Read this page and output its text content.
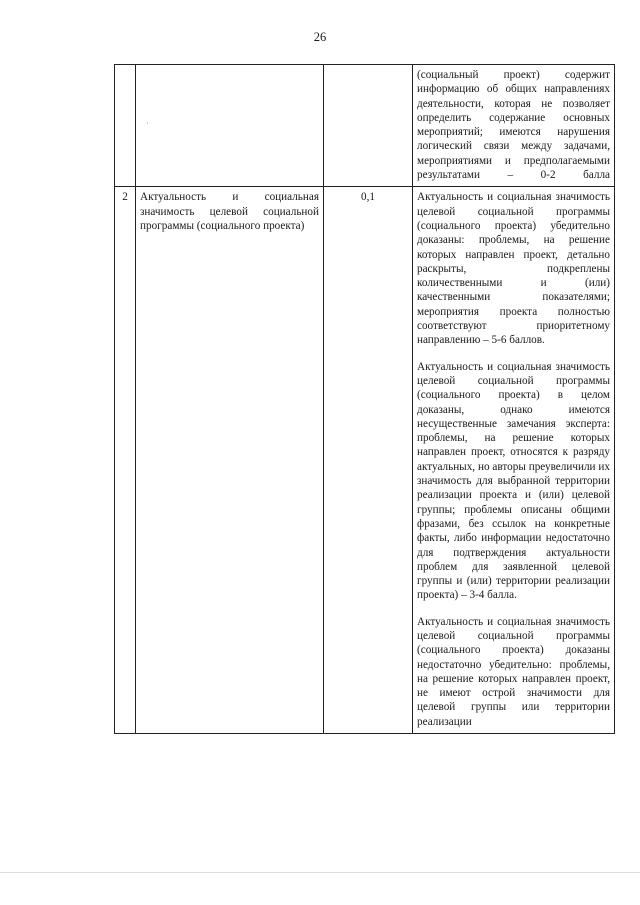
26
	$_\cdot$		(социальный проект) содержит информацию об общих направлениях деятельности, которая не позволяет определить содержание основных мероприятий; имеются нарушения логический связи между задачами, мероприятиями и предполагаемыми результатами – 0-2 балла

2	Актуальность и социальная значимость целевой социальной программы (социального проекта)	0,1	Актуальность и социальная значимость целевой социальной программы (социального проекта) убедительно доказаны: проблемы, на решение которых направлен проект, детально раскрыты, подкреплены количественными и (или) качественными показателями; мероприятия проекта полностью соответствуют приоритетному направлению – 5-6 баллов.

Актуальность и социальная значимость целевой социальной программы (социального проекта) в целом доказаны, однако имеются несущественные замечания эксперта: проблемы, на решение которых направлен проект, относятся к разряду актуальных, но авторы преувеличили их значимость для выбранной территории реализации проекта и (или) целевой группы; проблемы описаны общими фразами, без ссылок на конкретные факты, либо информации недостаточно для подтверждения актуальности проблем для заявленной целевой группы и (или) территории реализации проекта) – 3-4 балла.

Актуальность и социальная значимость целевой социальной программы (социального проекта) доказаны недостаточно убедительно: проблемы, на решение которых направлен проект, не имеют острой значимости для целевой группы или территории реализации
